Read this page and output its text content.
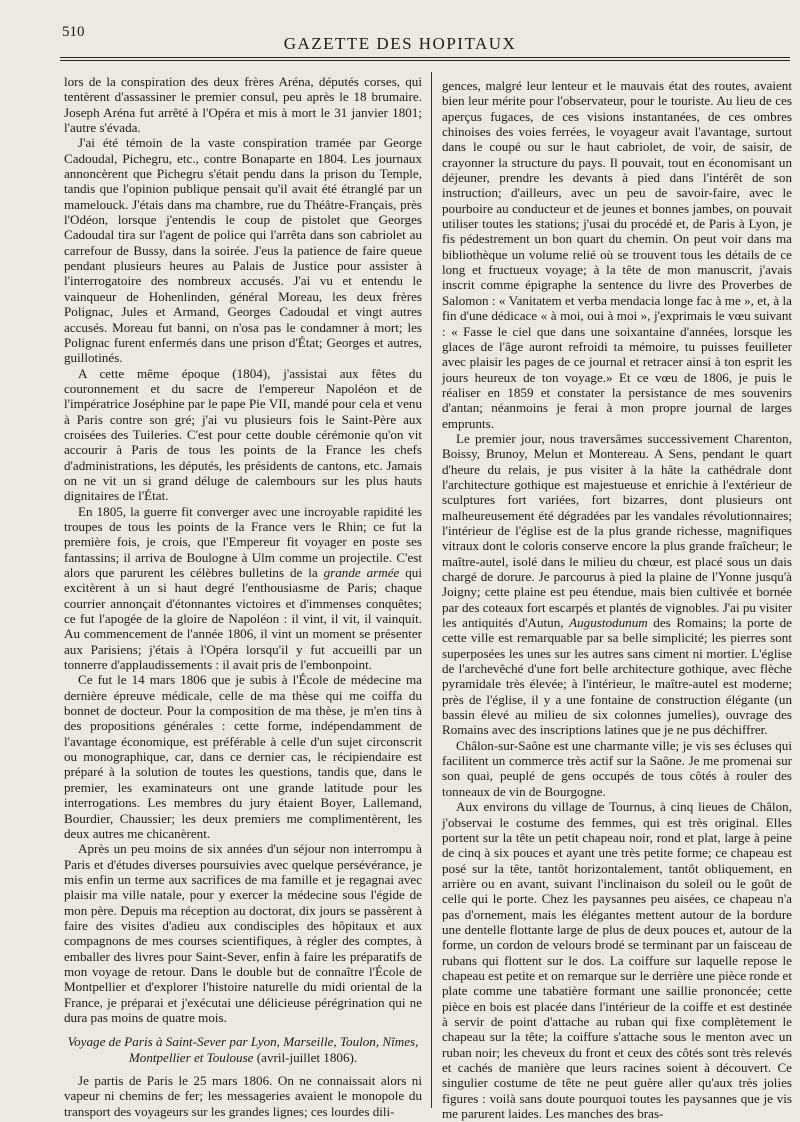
510
GAZETTE DES HOPITAUX

lors de la conspiration des deux frères Aréna, députés corses, qui tentèrent d'assassiner le premier consul, peu après le 18 brumaire. Joseph Aréna fut arrêté à l'Opéra et mis à mort le 31 janvier 1801; l'autre s'évada.

J'ai été témoin de la vaste conspiration tramée par George Cadoudal, Pichegru, etc., contre Bonaparte en 1804. Les journaux annoncèrent que Pichegru s'était pendu dans la prison du Temple, tandis que l'opinion publique pensait qu'il avait été étranglé par un mamelouck. J'étais dans ma chambre, rue du Théâtre-Français, près l'Odéon, lorsque j'entendis le coup de pistolet que Georges Cadoudal tira sur l'agent de police qui l'arrêta dans son cabriolet au carrefour de Bussy, dans la soirée. J'eus la patience de faire queue pendant plusieurs heures au Palais de Justice pour assister à l'interrogatoire des nombreux accusés. J'ai vu et entendu le vainqueur de Hohenlinden, général Moreau, les deux frères Polignac, Jules et Armand, Georges Cadoudal et vingt autres accusés. Moreau fut banni, on n'osa pas le condamner à mort; les Polignac furent enfermés dans une prison d'État; Georges et autres, guillotinés.

A cette même époque (1804), j'assistai aux fêtes du couronnement et du sacre de l'empereur Napoléon et de l'impératrice Joséphine par le pape Pie VII, mandé pour cela et venu à Paris contre son gré; j'ai vu plusieurs fois le Saint-Père aux croisées des Tuileries. C'est pour cette double cérémonie qu'on vit accourir à Paris de tous les points de la France les chefs d'administrations, les députés, les présidents de cantons, etc. Jamais on ne vit un si grand déluge de calembours sur les plus hauts dignitaires de l'État.

En 1805, la guerre fit converger avec une incroyable rapidité les troupes de tous les points de la France vers le Rhin; ce fut la première fois, je crois, que l'Empereur fit voyager en poste ses fantassins; il arriva de Boulogne à Ulm comme un projectile. C'est alors que parurent les célèbres bulletins de la grande armée qui excitèrent à un si haut degré l'enthousiasme de Paris; chaque courrier annonçait d'étonnantes victoires et d'immenses conquêtes; ce fut l'apogée de la gloire de Napoléon : il vint, il vit, il vainquit. Au commencement de l'année 1806, il vint un moment se présenter aux Parisiens; j'étais à l'Opéra lorsqu'il y fut accueilli par un tonnerre d'applaudissements : il avait pris de l'embonpoint.

Ce fut le 14 mars 1806 que je subis à l'École de médecine ma dernière épreuve médicale, celle de ma thèse qui me coiffa du bonnet de docteur. Pour la composition de ma thèse, je m'en tins à des propositions générales : cette forme, indépendamment de l'avantage économique, est préférable à celle d'un sujet circonscrit ou monographique, car, dans ce dernier cas, le récipiendaire est préparé à la solution de toutes les questions, tandis que, dans le premier, les examinateurs ont une grande latitude pour les interrogations. Les membres du jury étaient Boyer, Lallemand, Bourdier, Chaussier; les deux premiers me complimentèrent, les deux autres me chicanèrent.

Après un peu moins de six années d'un séjour non interrompu à Paris et d'études diverses poursuivies avec quelque persévérance, je mis enfin un terme aux sacrifices de ma famille et je regagnai avec plaisir ma ville natale, pour y exercer la médecine sous l'égide de mon père. Depuis ma réception au doctorat, dix jours se passèrent à faire des visites d'adieu aux condisciples des hôpitaux et aux compagnons de mes courses scientifiques, à régler des comptes, à emballer des livres pour Saint-Sever, enfin à faire les préparatifs de mon voyage de retour. Dans le double but de connaître l'École de Montpellier et d'explorer l'histoire naturelle du midi oriental de la France, je préparai et j'exécutai une délicieuse pérégrination qui ne dura pas moins de quatre mois.

Voyage de Paris à Saint-Sever par Lyon, Marseille, Toulon, Nîmes, Montpellier et Toulouse (avril-juillet 1806).

Je partis de Paris le 25 mars 1806. On ne connaissait alors ni vapeur ni chemins de fer; les messageries avaient le monopole du transport des voyageurs sur les grandes lignes; ces lourdes dili-

gences, malgré leur lenteur et le mauvais état des routes, avaient bien leur mérite pour l'observateur, pour le touriste. Au lieu de ces aperçus fugaces, de ces visions instantanées, de ces ombres chinoises des voies ferrées, le voyageur avait l'avantage, surtout dans le coupé ou sur le haut cabriolet, de voir, de saisir, de crayonner la structure du pays. Il pouvait, tout en économisant un déjeuner, prendre les devants à pied dans l'intérêt de son instruction; d'ailleurs, avec un peu de savoir-faire, avec le pourboire au conducteur et de jeunes et bonnes jambes, on pouvait utiliser toutes les stations; j'usai du procédé et, de Paris à Lyon, je fis pédestrement un bon quart du chemin. On peut voir dans ma bibliothèque un volume relié où se trouvent tous les détails de ce long et fructueux voyage; à la tête de mon manuscrit, j'avais inscrit comme épigraphe la sentence du livre des Proverbes de Salomon : « Vanitatem et verba mendacia longe fac à me », et, à la fin d'une dédicace « à moi, oui à moi », j'exprimais le vœu suivant : « Fasse le ciel que dans une soixantaine d'années, lorsque les glaces de l'âge auront refroidi ta mémoire, tu puisses feuilleter avec plaisir les pages de ce journal et retracer ainsi à ton esprit les jours heureux de ton voyage.» Et ce vœu de 1806, je puis le réaliser en 1859 et constater la persistance de mes souvenirs d'antan; néanmoins je ferai à mon propre journal de larges emprunts.

Le premier jour, nous traversâmes successivement Charenton, Boissy, Brunoy, Melun et Montereau. A Sens, pendant le quart d'heure du relais, je pus visiter à la hâte la cathédrale dont l'architecture gothique est majestueuse et enrichie à l'extérieur de sculptures fort variées, fort bizarres, dont plusieurs ont malheureusement été dégradées par les vandales révolutionnaires; l'intérieur de l'église est de la plus grande richesse, magnifiques vitraux dont le coloris conserve encore la plus grande fraîcheur; le maître-autel, isolé dans le milieu du chœur, est placé sous un dais chargé de dorure. Je parcourus à pied la plaine de l'Yonne jusqu'à Joigny; cette plaine est peu étendue, mais bien cultivée et bornée par des coteaux fort escarpés et plantés de vignobles. J'ai pu visiter les antiquités d'Autun, Augustodunum des Romains; la porte de cette ville est remarquable par sa belle simplicité; les pierres sont superposées les unes sur les autres sans ciment ni mortier. L'église de l'archevêché d'une fort belle architecture gothique, avec flèche pyramidale très élevée; à l'intérieur, le maître-autel est moderne; près de l'église, il y a une fontaine de construction élégante (un bassin élevé au milieu de six colonnes jumelles), ouvrage des Romains avec des inscriptions latines que je ne pus déchiffrer.

Châlon-sur-Saône est une charmante ville; je vis ses écluses qui facilitent un commerce très actif sur la Saône. Je me promenai sur son quai, peuplé de gens occupés de tous côtés à rouler des tonneaux de vin de Bourgogne.

Aux environs du village de Tournus, à cinq lieues de Châlon, j'observai le costume des femmes, qui est très original. Elles portent sur la tête un petit chapeau noir, rond et plat, large à peine de cinq à six pouces et ayant une très petite forme; ce chapeau est posé sur la tête, tantôt horizontalement, tantôt obliquement, en arrière ou en avant, suivant l'inclinaison du soleil ou le goût de celle qui le porte. Chez les paysannes peu aisées, ce chapeau n'a pas d'ornement, mais les élégantes mettent autour de la bordure une dentelle flottante large de plus de deux pouces et, autour de la forme, un cordon de velours brodé se terminant par un faisceau de rubans qui flottent sur le dos. La coiffure sur laquelle repose le chapeau est petite et on remarque sur le derrière une pièce ronde et plate comme une tabatière formant une saillie prononcée; cette pièce en bois est placée dans l'intérieur de la coiffe et est destinée à servir de point d'attache au ruban qui fixe complètement le chapeau sur la tête; la coiffure s'attache sous le menton avec un ruban noir; les cheveux du front et ceux des côtés sont très relevés et cachés de manière que leurs racines soient à découvert. Ce singulier costume de tête ne peut guère aller qu'aux très jolies figures : voilà sans doute pourquoi toutes les paysannes que je vis me parurent laides. Les manches des bras-
